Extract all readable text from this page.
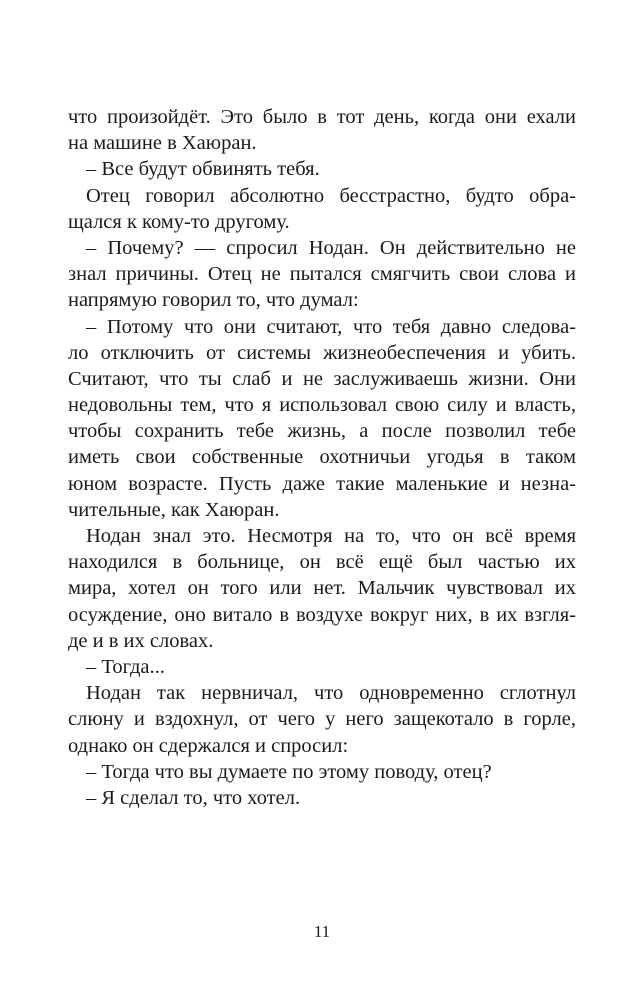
что произойдёт. Это было в тот день, когда они ехали
на машине в Хаюран.
– Все будут обвинять тебя.
Отец говорил абсолютно бесстрастно, будто обра-
щался к кому-то другому.
– Почему? — спросил Нодан. Он действительно не
знал причины. Отец не пытался смягчить свои слова и
напрямую говорил то, что думал:
– Потому что они считают, что тебя давно следова-
ло отключить от системы жизнеобеспечения и убить.
Считают, что ты слаб и не заслуживаешь жизни. Они
недовольны тем, что я использовал свою силу и власть,
чтобы сохранить тебе жизнь, а после позволил тебе
иметь свои собственные охотничьи угодья в таком
юном возрасте. Пусть даже такие маленькие и незна-
чительные, как Хаюран.
Нодан знал это. Несмотря на то, что он всё время
находился в больнице, он всё ещё был частью их
мира, хотел он того или нет. Мальчик чувствовал их
осуждение, оно витало в воздухе вокруг них, в их взгля-
де и в их словах.
– Тогда...
Нодан так нервничал, что одновременно сглотнул
слюну и вздохнул, от чего у него защекотало в горле,
однако он сдержался и спросил:
– Тогда что вы думаете по этому поводу, отец?
– Я сделал то, что хотел.
11
